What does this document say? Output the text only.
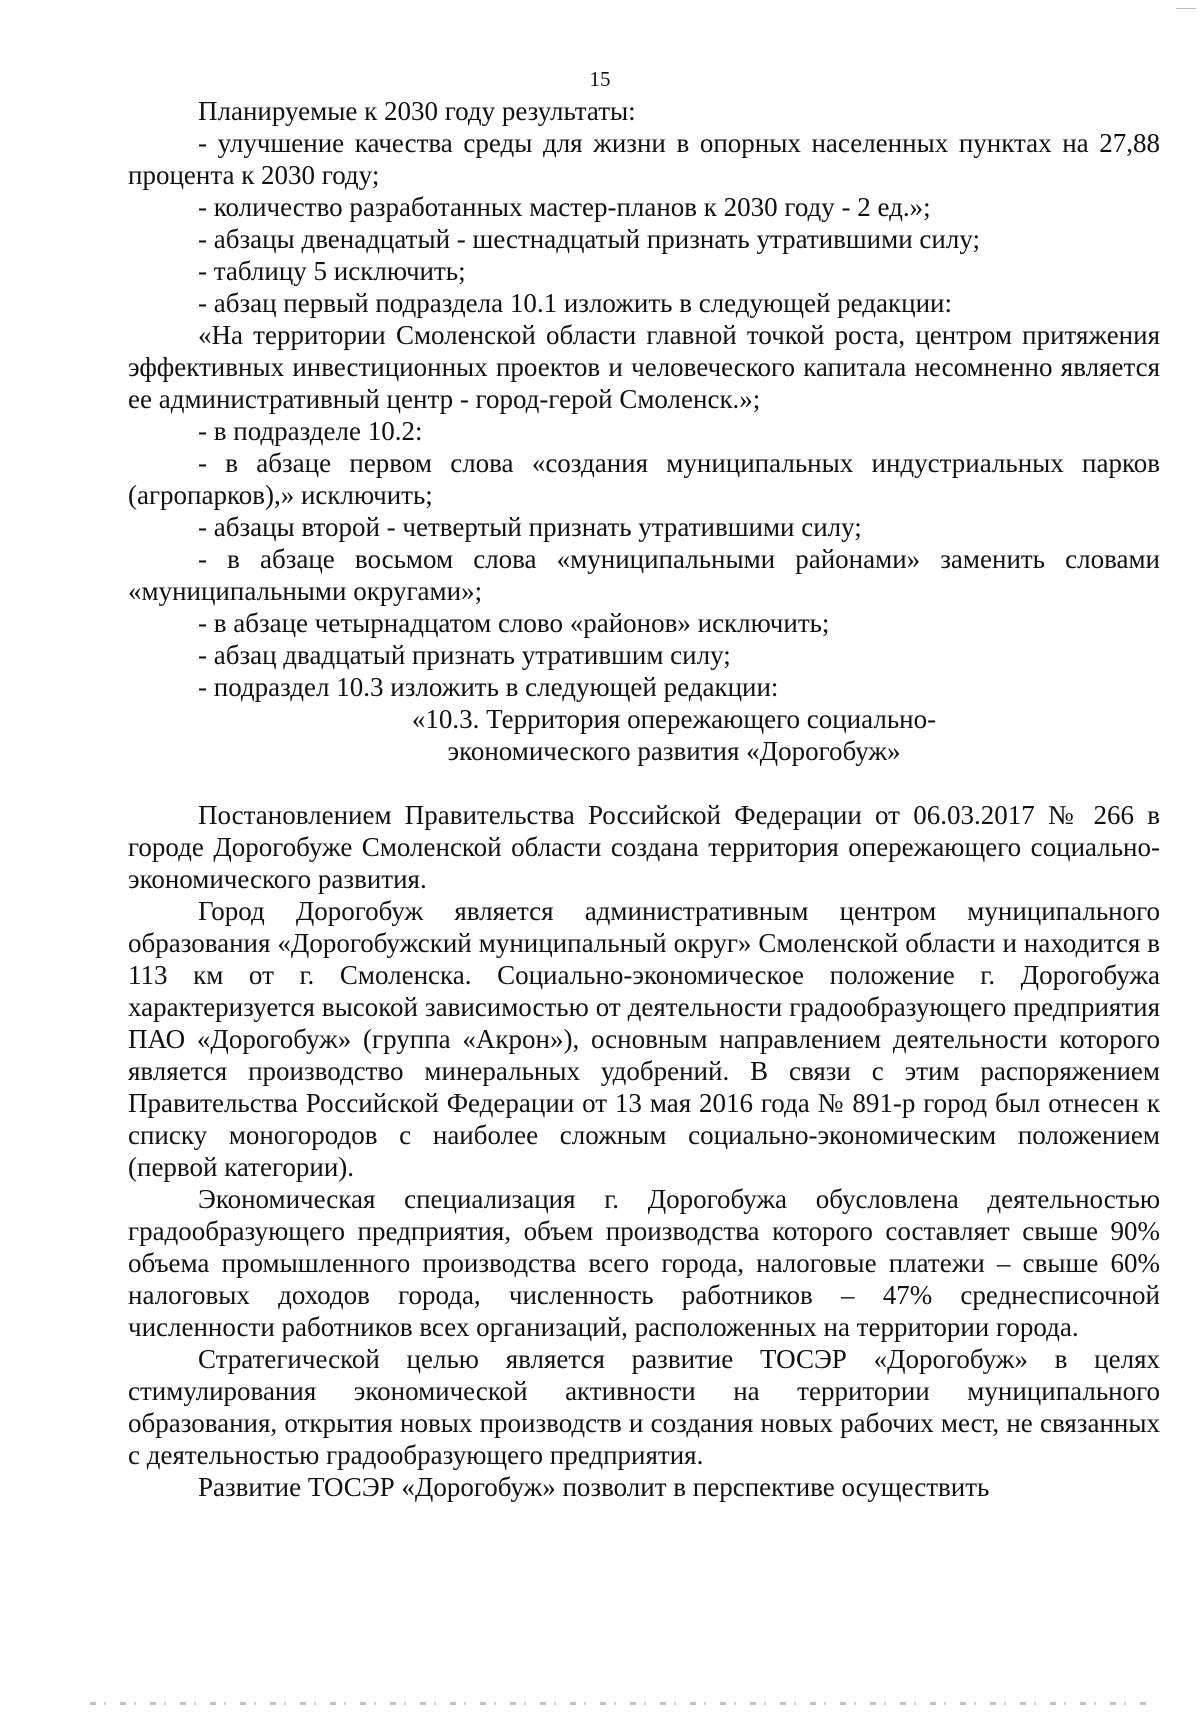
15

Планируемые к 2030 году результаты:

- улучшение качества среды для жизни в опорных населенных пунктах на 27,88 процента к 2030 году;

- количество разработанных мастер-планов к 2030 году - 2 ед.»;

- абзацы двенадцатый - шестнадцатый признать утратившими силу;

- таблицу 5 исключить;

- абзац первый подраздела 10.1 изложить в следующей редакции:

«На территории Смоленской области главной точкой роста, центром притяжения эффективных инвестиционных проектов и человеческого капитала несомненно является ее административный центр - город-герой Смоленск.»;

- в подразделе 10.2:

- в абзаце первом слова «создания муниципальных индустриальных парков (агропарков),» исключить;

- абзацы второй - четвертый признать утратившими силу;

- в абзаце восьмом слова «муниципальными районами» заменить словами «муниципальными округами»;

- в абзаце четырнадцатом слово «районов» исключить;

- абзац двадцатый признать утратившим силу;

- подраздел 10.3 изложить в следующей редакции:

«10.3. Территория опережающего социально-

экономического развития «Дорогобуж»

Постановлением Правительства Российской Федерации от 06.03.2017 № 266 в городе Дорогобуже Смоленской области создана территория опережающего социально-экономического развития.

Город Дорогобуж является административным центром муниципального образования «Дорогобужский муниципальный округ» Смоленской области и находится в 113 км от г. Смоленска. Социально-экономическое положение г. Дорогобужа характеризуется высокой зависимостью от деятельности градообразующего предприятия ПАО «Дорогобуж» (группа «Акрон»), основным направлением деятельности которого является производство минеральных удобрений. В связи с этим распоряжением Правительства Российской Федерации от 13 мая 2016 года № 891-р город был отнесен к списку моногородов с наиболее сложным социально-экономическим положением (первой категории).

Экономическая специализация г. Дорогобужа обусловлена деятельностью градообразующего предприятия, объем производства которого составляет свыше 90% объема промышленного производства всего города, налоговые платежи – свыше 60% налоговых доходов города, численность работников – 47% среднесписочной численности работников всех организаций, расположенных на территории города.

Стратегической целью является развитие ТОСЭР «Дорогобуж» в целях стимулирования экономической активности на территории муниципального образования, открытия новых производств и создания новых рабочих мест, не связанных с деятельностью градообразующего предприятия.

Развитие ТОСЭР «Дорогобуж» позволит в перспективе осуществить
